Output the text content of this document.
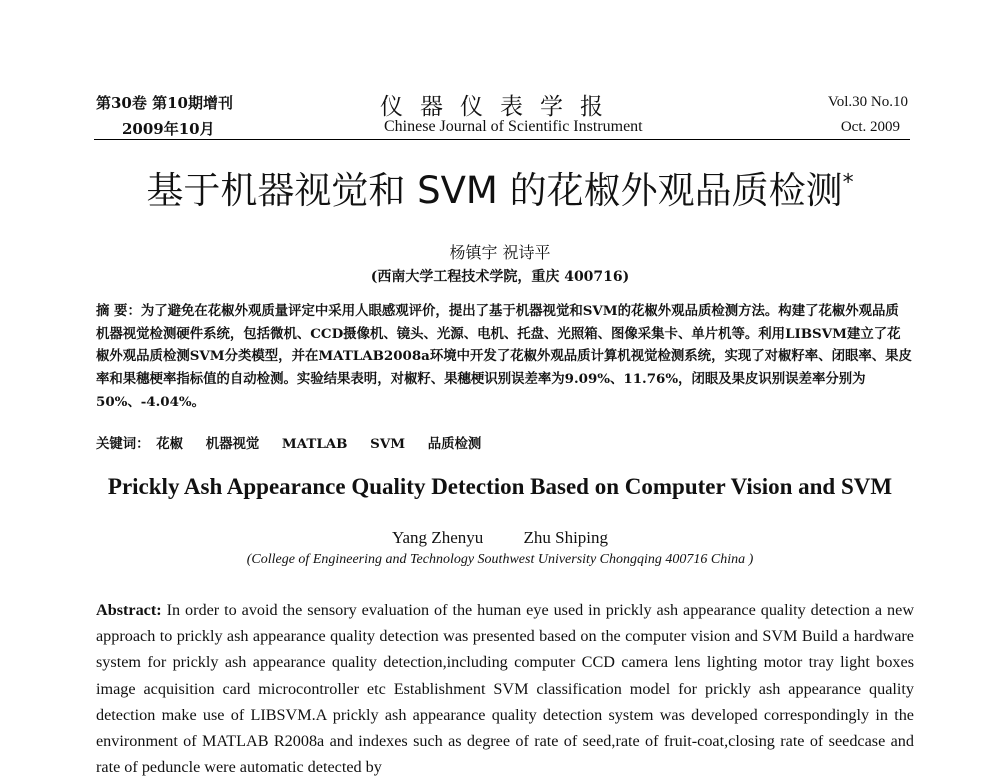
第30卷 第10期增刊
2009年10月
仪器仪表学报
Chinese Journal of Scientific Instrument
Vol.30 No.10
Oct. 2009
基于机器视觉和 SVM 的花椒外观品质检测*
杨镇宇 祝诗平
(西南大学工程技术学院，重庆 400716)
摘 要：为了避免在花椒外观质量评定中采用人眼感观评价，提出了基于机器视觉和SVM的花椒外观品质检测方法。构建了花椒外观品质机器视觉检测硬件系统，包括微机、CCD摄像机、镜头、光源、电机、托盘、光照箱、图像采集卡、单片机等。利用LIBSVM建立了花椒外观品质检测SVM分类模型，并在MATLAB2008a环境中开发了花椒外观品质计算机视觉检测系统，实现了对椒籽率、闭眼率、果皮率和果穗梗率指标值的自动检测。实验结果表明，对椒籽、果穗梗识别误差率为9.09%、11.76%，闭眼及果皮识别误差率分别为50%、-4.04%。
关键词： 花椒 机器视觉 MATLAB SVM 品质检测
Prickly Ash Appearance Quality Detection Based on Computer Vision and SVM
Yang Zhenyu Zhu Shiping
(College of Engineering and Technology Southwest University Chongqing 400716 China )
Abstract: In order to avoid the sensory evaluation of the human eye used in prickly ash appearance quality detection a new approach to prickly ash appearance quality detection was presented based on the computer vision and SVM Build a hardware system for prickly ash appearance quality detection,including computer CCD camera lens lighting motor tray light boxes image acquisition card microcontroller etc Establishment SVM classification model for prickly ash appearance quality detection make use of LIBSVM.A prickly ash appearance quality detection system was developed correspondingly in the environment of MATLAB R2008a and indexes such as degree of rate of seed,rate of fruit-coat,closing rate of seedcase and rate of peduncle were automatic detected by
